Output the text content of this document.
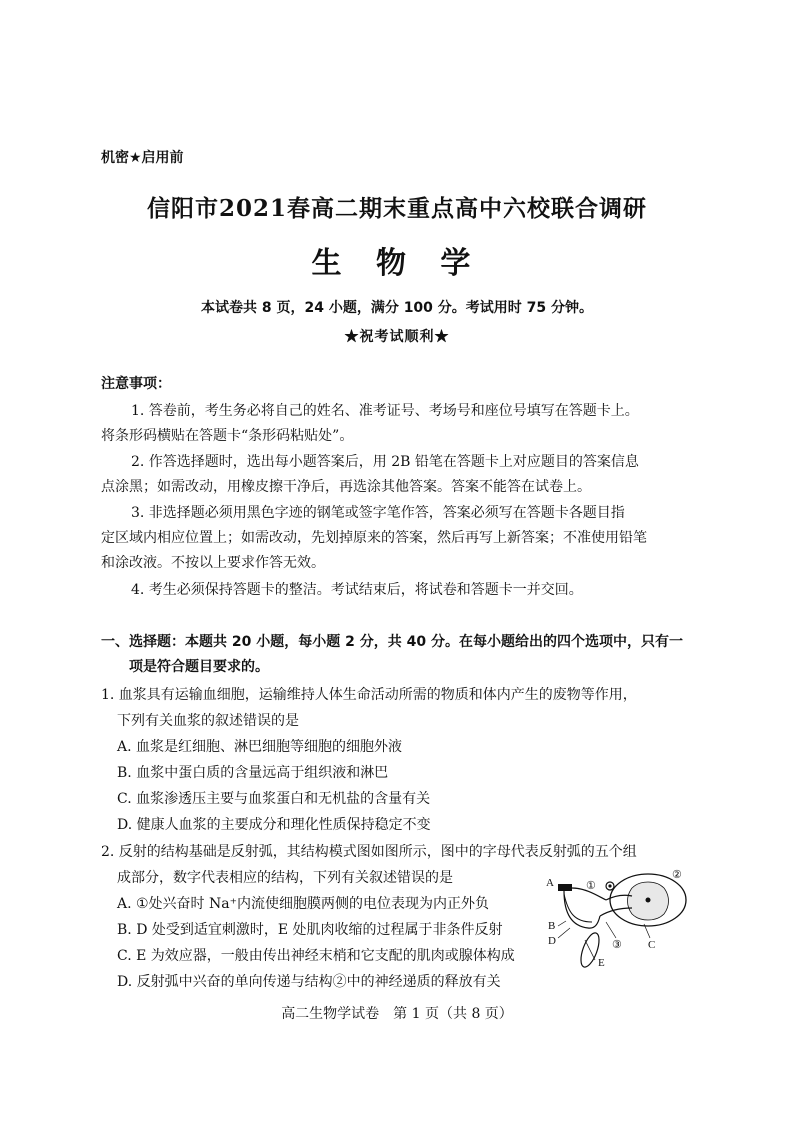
机密★启用前
信阳市2021春高二期末重点高中六校联合调研
生 物 学
本试卷共 8 页，24 小题，满分 100 分。考试用时 75 分钟。
★祝考试顺利★
注意事项：
1. 答卷前，考生务必将自己的姓名、准考证号、考场号和座位号填写在答题卡上。
将条形码横贴在答题卡“条形码粘贴处”。
2. 作答选择题时，选出每小题答案后，用 2B 铅笔在答题卡上对应题目的答案信息
点涂黑；如需改动，用橡皮擦干净后，再选涂其他答案。答案不能答在试卷上。
3. 非选择题必须用黑色字迹的钢笔或签字笔作答，答案必须写在答题卡各题目指
定区域内相应位置上；如需改动，先划掉原来的答案，然后再写上新答案；不准使用铅笔
和涂改液。不按以上要求作答无效。
4. 考生必须保持答题卡的整洁。考试结束后，将试卷和答题卡一并交回。
一、选择题：本题共 20 小题，每小题 2 分，共 40 分。在每小题给出的四个选项中，只有一
项是符合题目要求的。
1. 血浆具有运输血细胞，运输维持人体生命活动所需的物质和体内产生的废物等作用，
下列有关血浆的叙述错误的是
A. 血浆是红细胞、淋巴细胞等细胞的细胞外液
B. 血浆中蛋白质的含量远高于组织液和淋巴
C. 血浆渗透压主要与血浆蛋白和无机盐的含量有关
D. 健康人血浆的主要成分和理化性质保持稳定不变
2. 反射的结构基础是反射弧，其结构模式图如图所示，图中的字母代表反射弧的五个组
成部分，数字代表相应的结构，下列有关叙述错误的是
A. ①处兴奋时 Na⁺内流使细胞膜两侧的电位表现为内正外负
B. D 处受到适宜刺激时，E 处肌肉收缩的过程属于非条件反射
C. E 为效应器，一般由传出神经末梢和它支配的肌肉或腺体构成
D. 反射弧中兴奋的单向传递与结构②中的神经递质的释放有关
A
B
D	C
E
①
②
③
高二生物学试卷　第 1 页（共 8 页）
